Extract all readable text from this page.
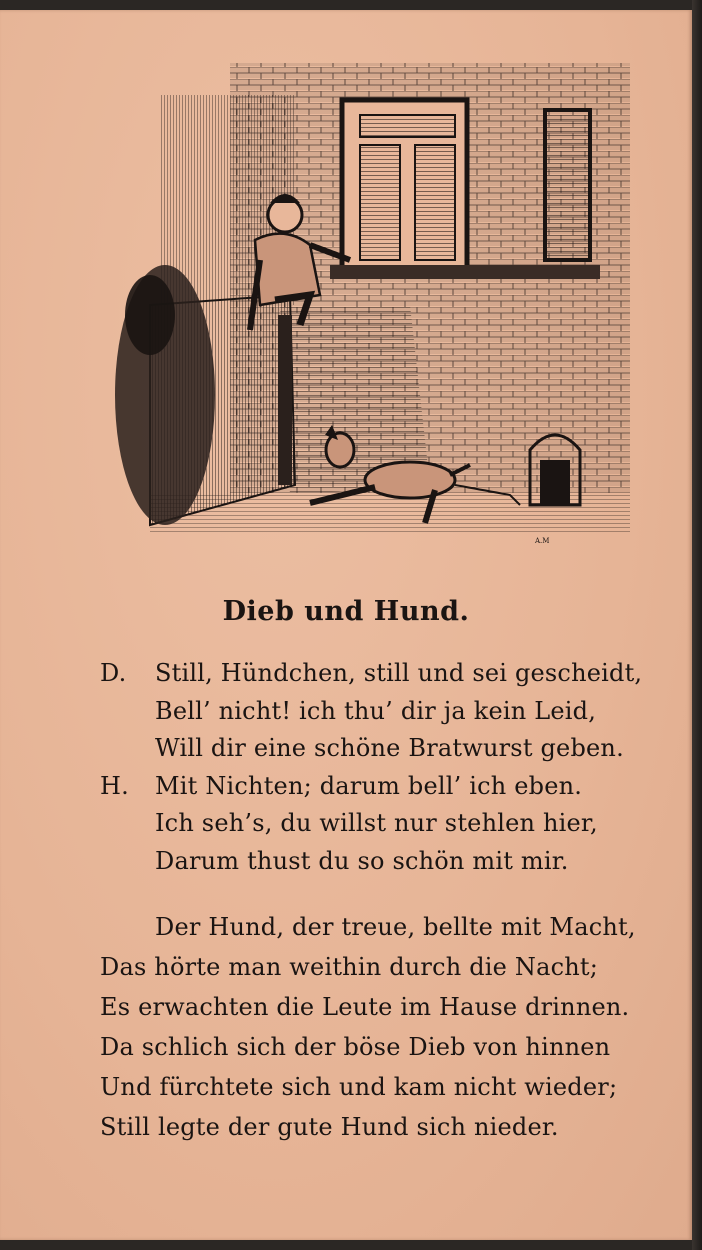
A.M
Dieb und Hund.
D. Still, Hündchen, still und sei gescheidt,
Bell’ nicht! ich thu’ dir ja kein Leid,
Will dir eine schöne Bratwurst geben.
H. Mit Nichten; darum bell’ ich eben.
Ich seh’s, du willst nur stehlen hier,
Darum thust du so schön mit mir.
Der Hund, der treue, bellte mit Macht,
Das hörte man weithin durch die Nacht;
Es erwachten die Leute im Hause drinnen.
Da schlich sich der böse Dieb von hinnen
Und fürchtete sich und kam nicht wieder;
Still legte der gute Hund sich nieder.
